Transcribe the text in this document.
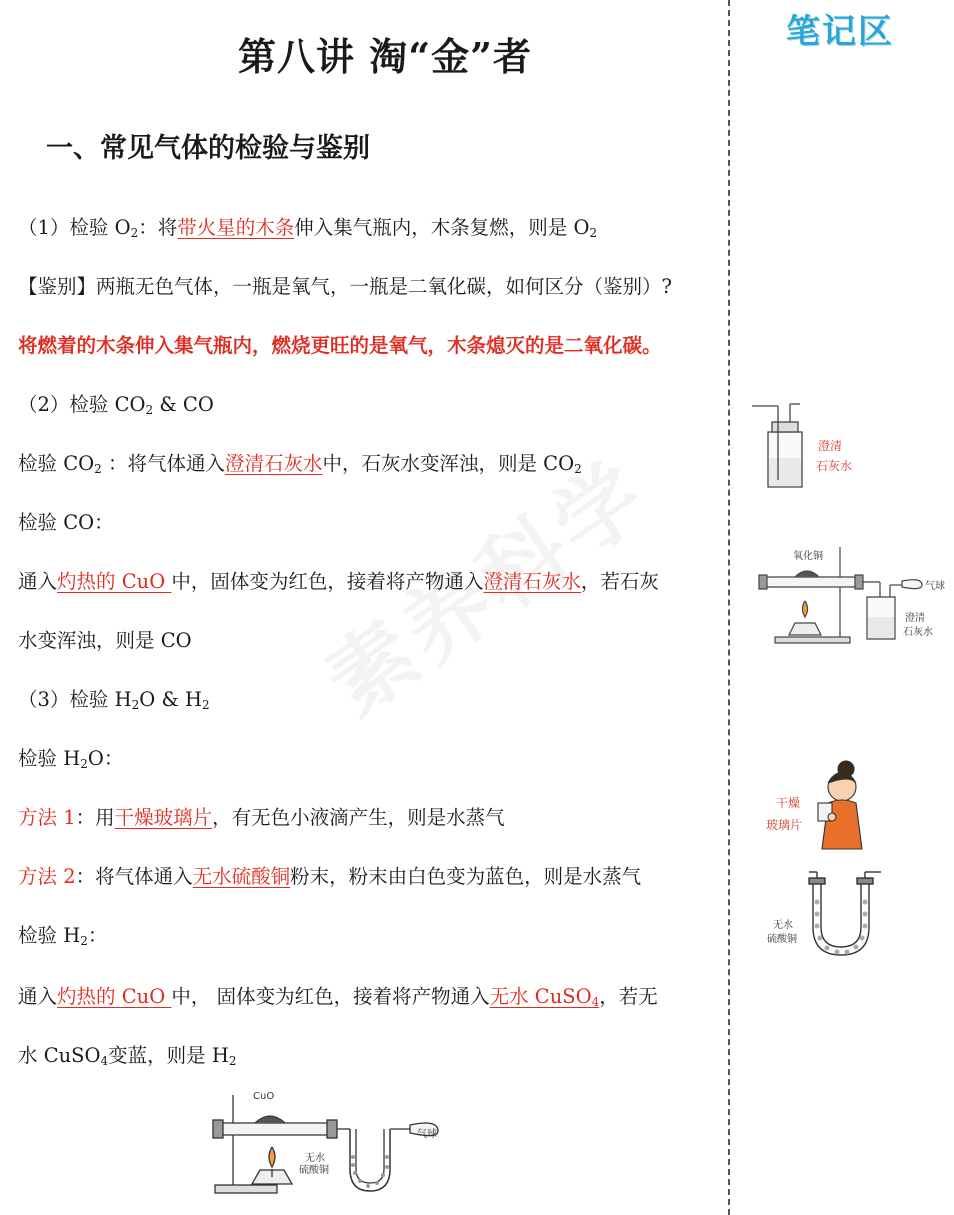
第八讲 淘“金”者
一、常见气体的检验与鉴别
（1）检验 $O_2$：将带火星的木条伸入集气瓶内，木条复燃，则是 $O_2$
【鉴别】两瓶无色气体，一瓶是氧气，一瓶是二氧化碳，如何区分（鉴别）?
将燃着的木条伸入集气瓶内，燃烧更旺的是氧气，木条熄灭的是二氧化碳。
（2）检验 $CO_2$ & CO
检验 $CO_2$ ：将气体通入澄清石灰水中，石灰水变浑浊，则是 $CO_2$
检验 CO：
通入灼热的 CuO 中，固体变为红色，接着将产物通入澄清石灰水，若石灰
水变浑浊，则是 CO
（3）检验 $H_2O$ & $H_2$
检验 $H_2O$：
方法 1：用干燥玻璃片，有无色小液滴产生，则是水蒸气
方法 2：将气体通入无水硫酸铜粉末，粉末由白色变为蓝色，则是水蒸气
检验 $H_2$：
通入灼热的 CuO 中， 固体变为红色，接着将产物通入无水 CuSO$_4$，若无
水 CuSO$_4$变蓝，则是 $H_2$
CuO
气球
无水
硫酸铜
笔记区
澄清
石灰水
氧化铜
气球
澄清
石灰水
干燥
玻璃片
无水
硫酸铜
